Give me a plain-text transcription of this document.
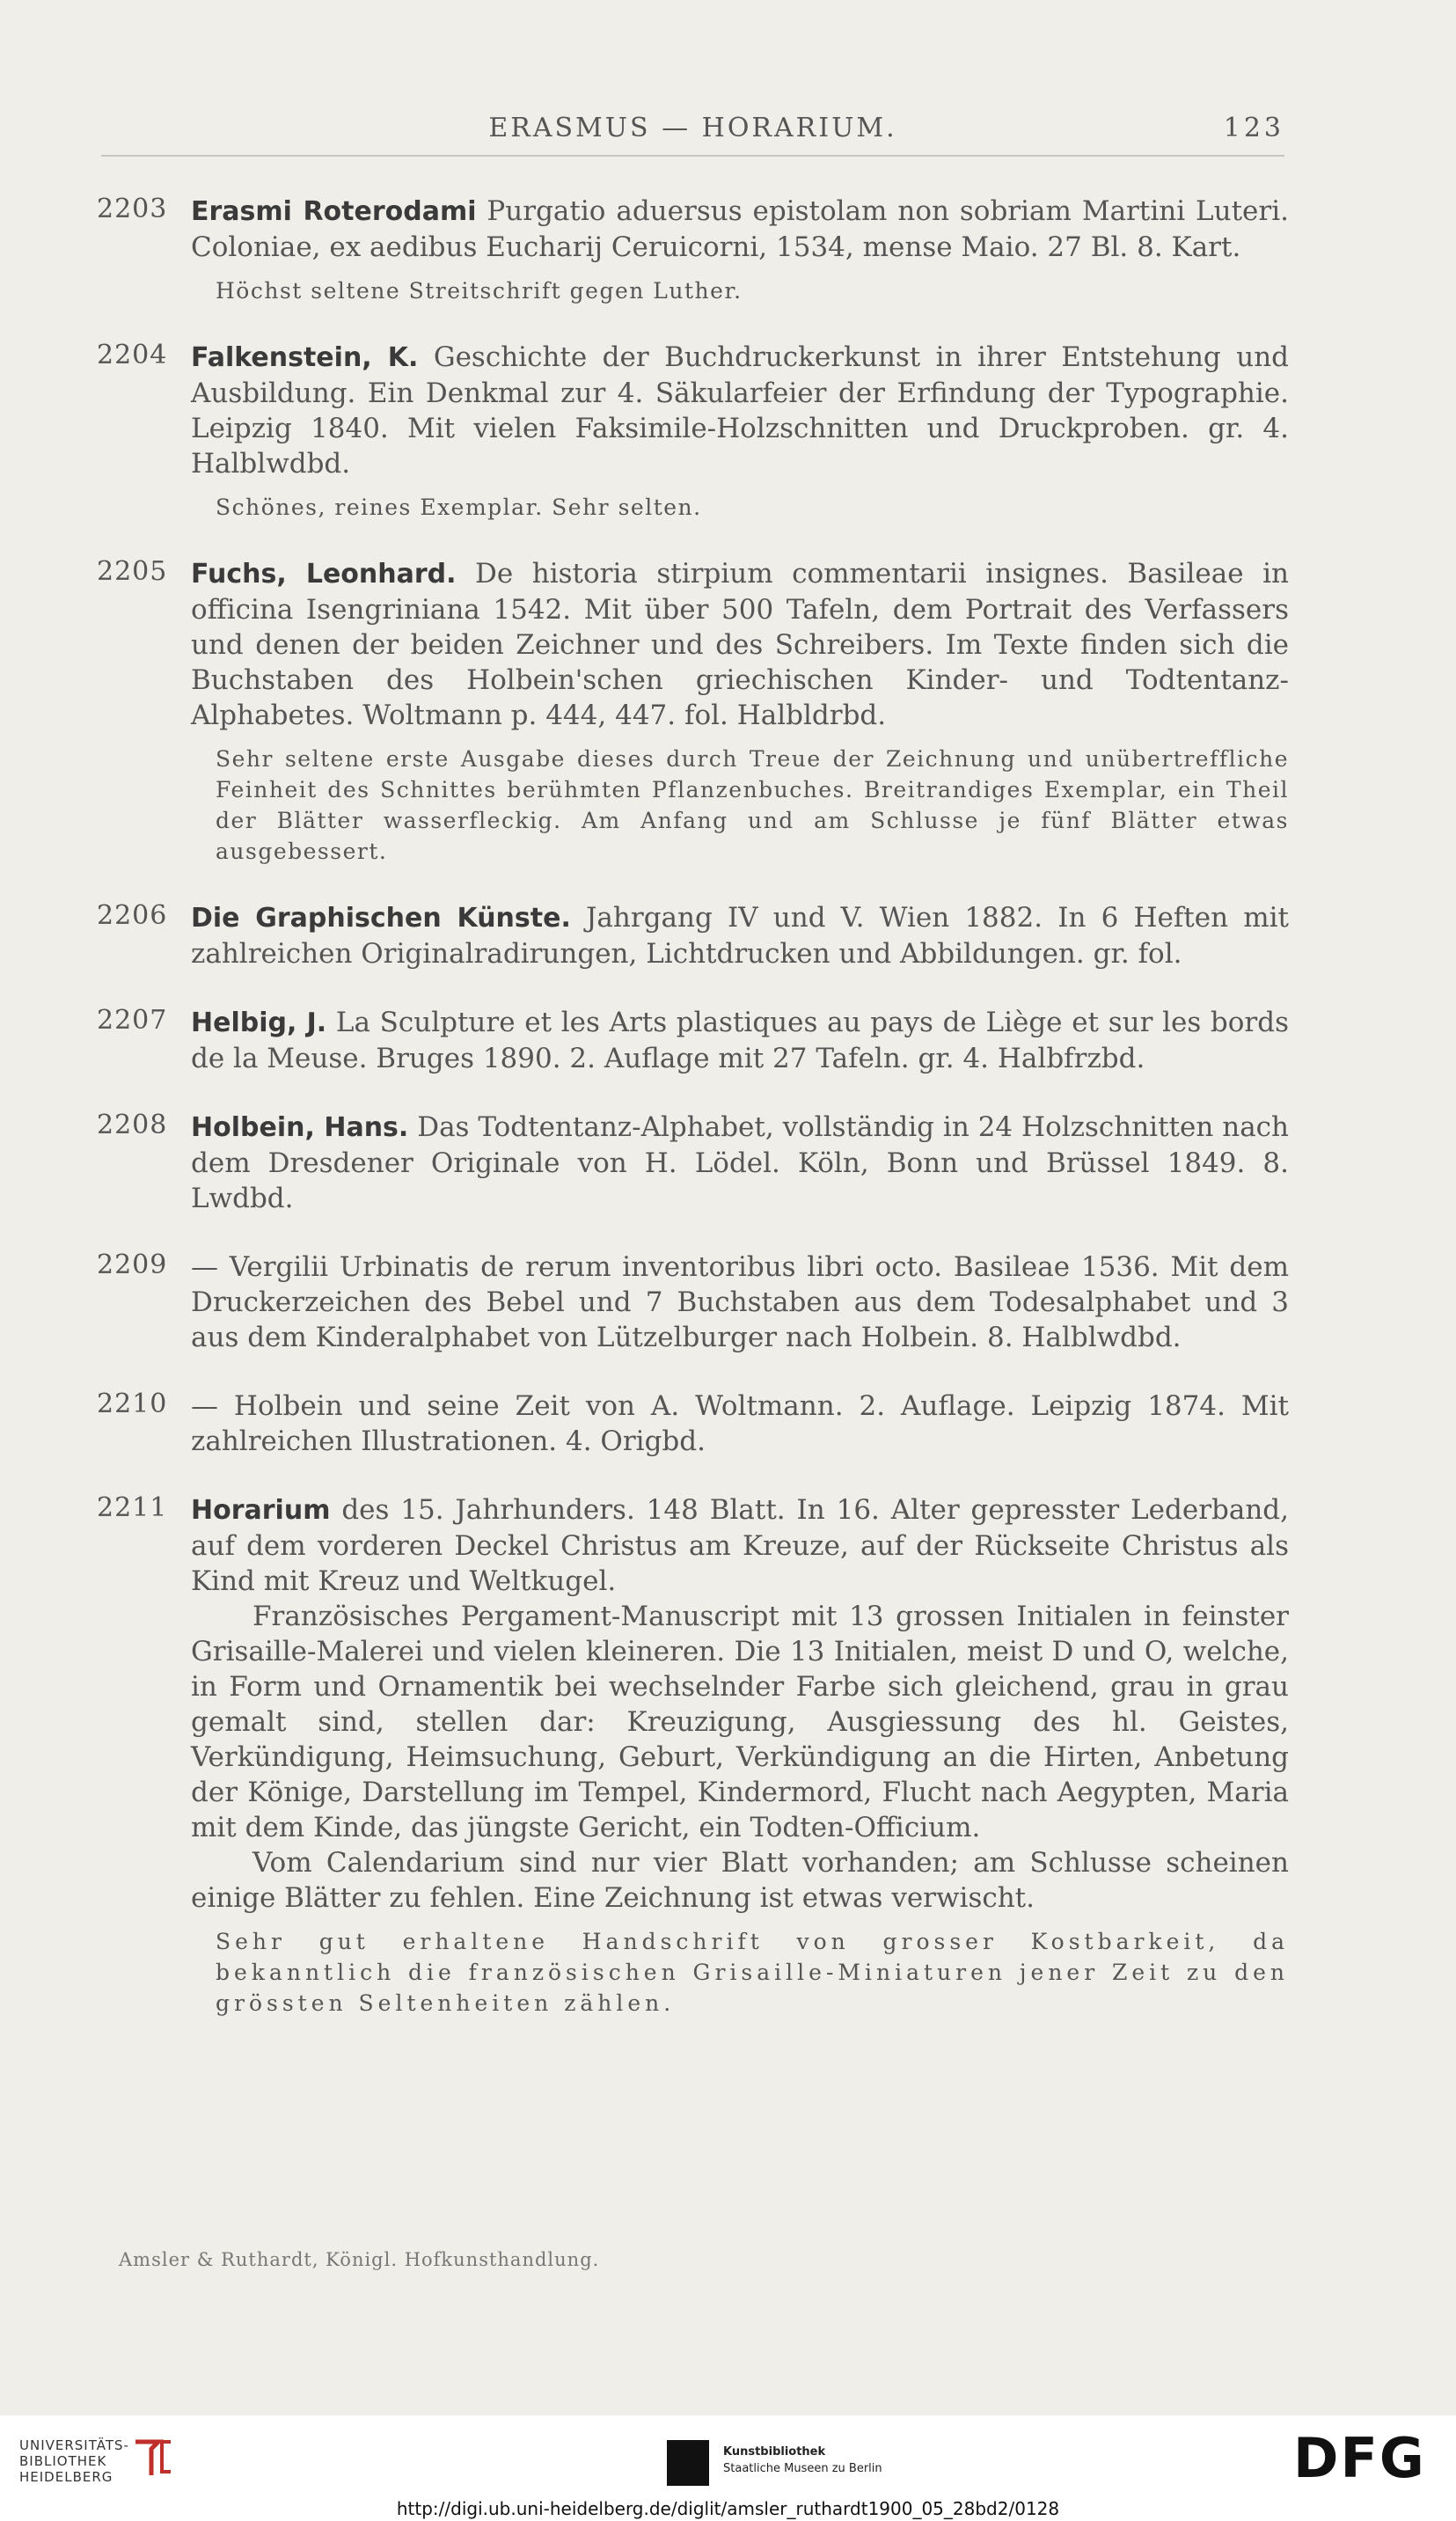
ERASMUS — HORARIUM.	123
2203 Erasmi Roterodami Purgatio aduersus epistolam non sobriam Martini Luteri. Coloniae, ex aedibus Eucharij Ceruicorni, 1534, mense Maio. 27 Bl. 8. Kart.

Höchst seltene Streitschrift gegen Luther.
2204 Falkenstein, K. Geschichte der Buchdruckerkunst in ihrer Entstehung und Ausbildung. Ein Denkmal zur 4. Säkularfeier der Erfindung der Typographie. Leipzig 1840. Mit vielen Faksimile-Holzschnitten und Druckproben. gr. 4. Halblwdbd.

Schönes, reines Exemplar. Sehr selten.
2205 Fuchs, Leonhard. De historia stirpium commentarii insignes. Basileae in officina Isengriniana 1542. Mit über 500 Tafeln, dem Portrait des Verfassers und denen der beiden Zeichner und des Schreibers. Im Texte finden sich die Buchstaben des Holbein'schen griechischen Kinder- und Todtentanz-Alphabetes. Woltmann p. 444, 447. fol. Halbldrbd.

Sehr seltene erste Ausgabe dieses durch Treue der Zeichnung und unübertreffliche Feinheit des Schnittes berühmten Pflanzenbuches. Breitrandiges Exemplar, ein Theil der Blätter wasserfleckig. Am Anfang und am Schlusse je fünf Blätter etwas ausgebessert.
2206 Die Graphischen Künste. Jahrgang IV und V. Wien 1882. In 6 Heften mit zahlreichen Originalradirungen, Lichtdrucken und Abbildungen. gr. fol.

2207 Helbig, J. La Sculpture et les Arts plastiques au pays de Liège et sur les bords de la Meuse. Bruges 1890. 2. Auflage mit 27 Tafeln. gr. 4. Halbfrzbd.

2208 Holbein, Hans. Das Todtentanz-Alphabet, vollständig in 24 Holzschnitten nach dem Dresdener Originale von H. Lödel. Köln, Bonn und Brüssel 1849. 8. Lwdbd.

2209 — Vergilii Urbinatis de rerum inventoribus libri octo. Basileae 1536. Mit dem Druckerzeichen des Bebel und 7 Buchstaben aus dem Todesalphabet und 3 aus dem Kinderalphabet von Lützelburger nach Holbein. 8. Halblwdbd.

2210 — Holbein und seine Zeit von A. Woltmann. 2. Auflage. Leipzig 1874. Mit zahlreichen Illustrationen. 4. Origbd.

2211 Horarium des 15. Jahrhunders. 148 Blatt. In 16. Alter gepresster Lederband, auf dem vorderen Deckel Christus am Kreuze, auf der Rückseite Christus als Kind mit Kreuz und Weltkugel.

Französisches Pergament-Manuscript mit 13 grossen Initialen in feinster Grisaille-Malerei und vielen kleineren. Die 13 Initialen, meist D und O, welche, in Form und Ornamentik bei wechselnder Farbe sich gleichend, grau in grau gemalt sind, stellen dar: Kreuzigung, Ausgiessung des hl. Geistes, Verkündigung, Heimsuchung, Geburt, Verkündigung an die Hirten, Anbetung der Könige, Darstellung im Tempel, Kindermord, Flucht nach Aegypten, Maria mit dem Kinde, das jüngste Gericht, ein Todten-Officium.

Vom Calendarium sind nur vier Blatt vorhanden; am Schlusse scheinen einige Blätter zu fehlen. Eine Zeichnung ist etwas verwischt.

Sehr gut erhaltene Handschrift von grosser Kostbarkeit, da bekanntlich die französischen Grisaille-Miniaturen jener Zeit zu den grössten Seltenheiten zählen.
Amsler & Ruthardt, Königl. Hofkunsthandlung.
UNIVERSITÄTS-
BIBLIOTHEK
HEIDELBERG
Kunstbibliothek
Staatliche Museen zu Berlin	DFG
http://digi.ub.uni-heidelberg.de/diglit/amsler_ruthardt1900_05_28bd2/0128
